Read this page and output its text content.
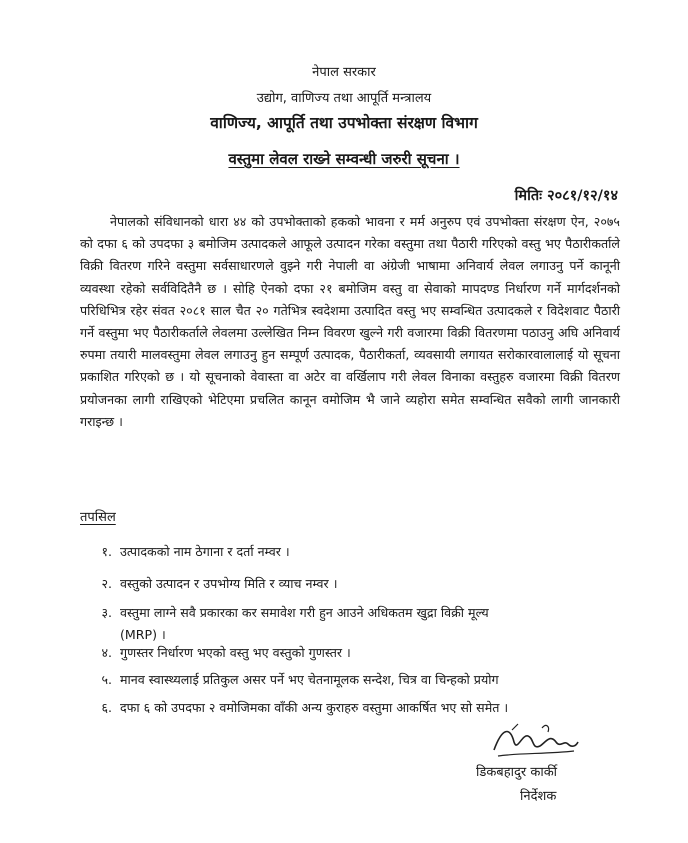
नेपाल सरकार
उद्योग, वाणिज्य तथा आपूर्ति मन्त्रालय
वाणिज्य, आपूर्ति तथा उपभोक्ता संरक्षण विभाग
वस्तुमा लेवल राख्ने सम्वन्धी जरुरी सूचना ।
मितिः २०८१/१२/१४
नेपालको संविधानको धारा ४४ को उपभोक्ताको हकको भावना र मर्म अनुरुप एवं उपभोक्ता संरक्षण ऐन, २०७५ को दफा ६ को उपदफा ३ बमोजिम उत्पादकले आफूले उत्पादन गरेका वस्तुमा तथा पैठारी गरिएको वस्तु भए पैठारीकर्ताले विक्री वितरण गरिने वस्तुमा सर्वसाधारणले वुझ्ने गरी नेपाली वा अंग्रेजी भाषामा अनिवार्य लेवल लगाउनु पर्ने कानूनी व्यवस्था रहेको सर्वविदितैनै छ । सोहि ऐनको दफा २१ बमोजिम वस्तु वा सेवाको मापदण्ड निर्धारण गर्ने मार्गदर्शनको परिधिभित्र रहेर संवत २०८१ साल चैत २० गतेभित्र स्वदेशमा उत्पादित वस्तु भए सम्वन्धित उत्पादकले र विदेशवाट पैठारी गर्ने वस्तुमा भए पैठारीकर्ताले लेवलमा उल्लेखित निम्न विवरण खुल्ने गरी वजारमा विक्री वितरणमा पठाउनु अघि अनिवार्य रुपमा तयारी मालवस्तुमा लेवल लगाउनु हुन सम्पूर्ण उत्पादक, पैठारीकर्ता, व्यवसायी लगायत सरोकारवालालाई यो सूचना प्रकाशित गरिएको छ । यो सूचनाको वेवास्ता वा अटेर वा वर्खिलाप गरी लेवल विनाका वस्तुहरु वजारमा विक्री वितरण प्रयोजनका लागी राखिएको भेटिएमा प्रचलित कानून वमोजिम भै जाने व्यहोरा समेत सम्वन्धित सवैको लागी जानकारी गराइन्छ ।
तपसिल
१. उत्पादकको नाम ठेगाना र दर्ता नम्वर ।
२. वस्तुको उत्पादन र उपभोग्य मिति र व्याच नम्वर ।
३. वस्तुमा लाग्ने सवै प्रकारका कर समावेश गरी हुन आउने अधिकतम खुद्रा विक्री मूल्य
(MRP) ।
४. गुणस्तर निर्धारण भएको वस्तु भए वस्तुको गुणस्तर ।
५. मानव स्वास्थ्यलाई प्रतिकुल असर पर्ने भए चेतनामूलक सन्देश, चित्र वा चिन्हको प्रयोग
६. दफा ६ को उपदफा २ वमोजिमका वाँकी अन्य कुराहरु वस्तुमा आकर्षित भए सो समेत ।
डिकबहादुर कार्की
निर्देशक
